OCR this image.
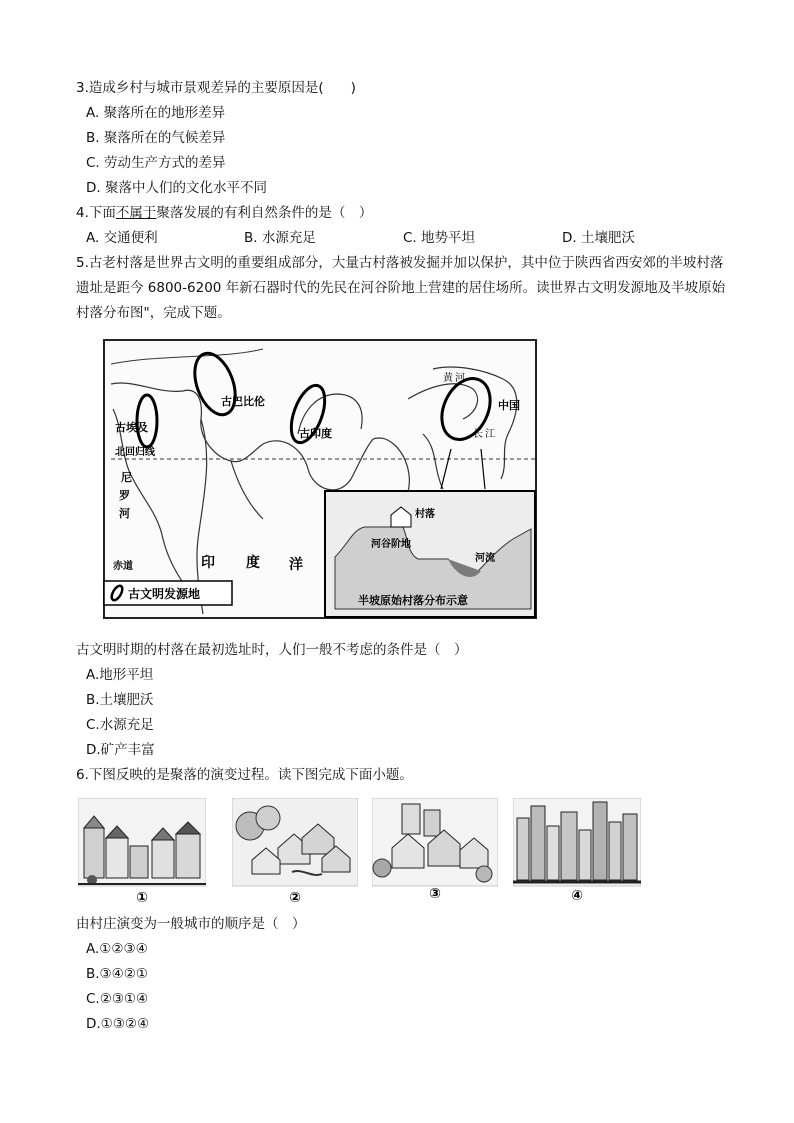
3.造成乡村与城市景观差异的主要原因是(　　)
A. 聚落所在的地形差异
B. 聚落所在的气候差异
C. 劳动生产方式的差异
D. 聚落中人们的文化水平不同
4.下面不属于聚落发展的有利自然条件的是（　）
A. 交通便利	B. 水源充足	C. 地势平坦	D. 土壤肥沃
5.古老村落是世界古文明的重要组成部分，大量古村落被发掘并加以保护，其中位于陕西省西安郊的半坡村落遗址是距今 6800-6200 年新石器时代的先民在河谷阶地上营建的居住场所。读世界古文明发源地及半坡原始村落分布图"，完成下题。
古埃及
古巴比伦
古印度
中国
北回归线
尼
罗
河
赤道	印 度 洋
黄 河
长 江
古文明发源地
村落
河谷阶地
河流
半坡原始村落分布示意
古文明时期的村落在最初选址时，人们一般不考虑的条件是（　）
A.地形平坦
B.土壤肥沃
C.水源充足
D.矿产丰富
6.下图反映的是聚落的演变过程。读下图完成下面小题。
①	②	③	④
由村庄演变为一般城市的顺序是（　）
A.①②③④
B.③④②①
C.②③①④
D.①③②④
